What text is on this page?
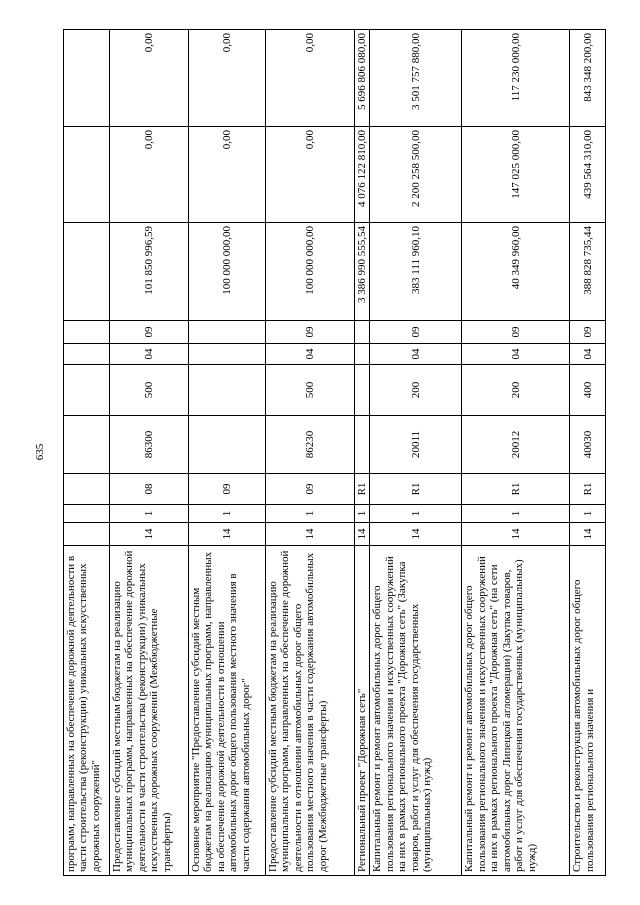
635
программ, направленных на обеспечение дорожной деятельности в части строительства (реконструкции) уникальных искусственных дорожных сооружений"										
Предоставление субсидий местным бюджетам на реализацию муниципальных программ, направленных на обеспечение дорожной деятельности в части строительства (реконструкции) уникальных искусственных дорожных сооружений (Межбюджетные трансферты)	14	1	08	86300	500	04	09	101 850 996,59	0,00	0,00
Основное мероприятие "Предоставление субсидий местным бюджетам на реализацию муниципальных программ, направленных на обеспечение дорожной деятельности в отношении автомобильных дорог общего пользования местного значения в части содержания автомобильных дорог"	14	1	09					100 000 000,00	0,00	0,00
Предоставление субсидий местным бюджетам на реализацию муниципальных программ, направленных на обеспечение дорожной деятельности в отношении автомобильных дорог общего пользования местного значения в части содержания автомобильных дорог (Межбюджетные трансферты)	14	1	09	86230	500	04	09	100 000 000,00	0,00	0,00
Региональный проект "Дорожная сеть"	14	1	R1					3 386 990 555,54	4 076 122 810,00	5 696 806 080,00
Капитальный ремонт и ремонт автомобильных дорог общего пользования регионального значения и искусственных сооружений на них в рамках регионального проекта "Дорожная сеть" (Закупка товаров, работ и услуг для обеспечения государственных (муниципальных) нужд)	14	1	R1	20011	200	04	09	383 111 960,10	2 200 258 500,00	3 501 757 880,00
Капитальный ремонт и ремонт автомобильных дорог общего пользования регионального значения и искусственных сооружений на них в рамках регионального проекта "Дорожная сеть" (на сети автомобильных дорог Липецкой агломерации) (Закупка товаров, работ и услуг для обеспечения государственных (муниципальных) нужд)	14	1	R1	20012	200	04	09	40 349 960,00	147 025 000,00	117 230 000,00
Строительство и реконструкция автомобильных дорог общего пользования регионального значения и	14	1	R1	40030	400	04	09	388 828 735,44	439 564 310,00	843 348 200,00
